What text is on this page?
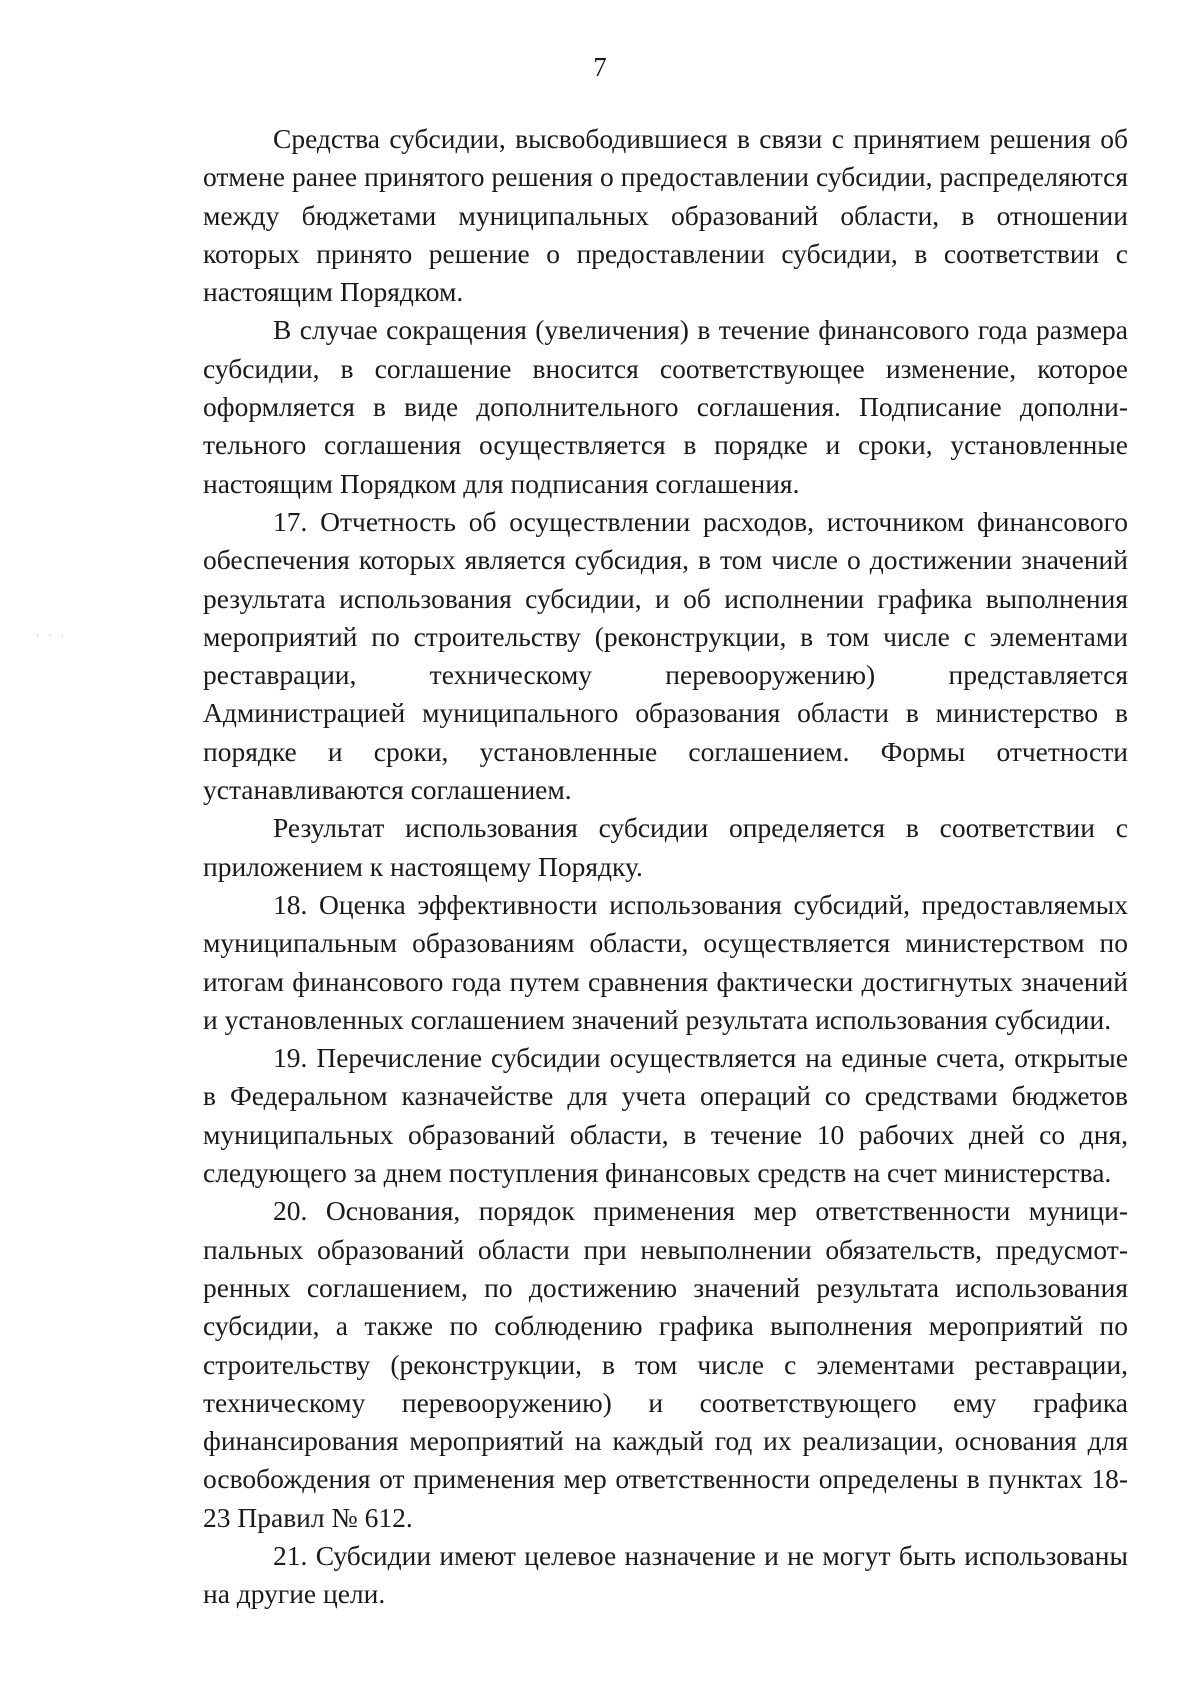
7
· · ·

Средства субсидии, высвободившиеся в связи с принятием решения об отмене ранее принятого решения о предоставлении субсидии, распределяются между бюджетами муниципальных образований области, в отношении которых принято решение о предоставлении субсидии, в соответствии с настоящим Порядком.

В случае сокращения (увеличения) в течение финансового года размера субсидии, в соглашение вносится соответствующее изменение, которое оформляется в виде дополнительного соглашения. Подписание дополнительного соглашения осуществляется в порядке и сроки, установленные настоящим Порядком для подписания соглашения.

17. Отчетность об осуществлении расходов, источником финансового обеспечения которых является субсидия, в том числе о достижении значений результата использования субсидии, и об исполнении графика выполнения мероприятий по строительству (реконструкции, в том числе с элементами реставрации, техническому перевооружению) представляется Администрацией муниципального образования области в министерство в порядке и сроки, установленные соглашением. Формы отчетности устанавливаются соглашением.

Результат использования субсидии определяется в соответствии с приложением к настоящему Порядку.

18. Оценка эффективности использования субсидий, предоставляемых муниципальным образованиям области, осуществляется министерством по итогам финансового года путем сравнения фактически достигнутых значений и установленных соглашением значений результата использования субсидии.

19. Перечисление субсидии осуществляется на единые счета, открытые в Федеральном казначействе для учета операций со средствами бюджетов муниципальных образований области, в течение 10 рабочих дней со дня, следующего за днем поступления финансовых средств на счет министерства.

20. Основания, порядок применения мер ответственности муниципальных образований области при невыполнении обязательств, предусмотренных соглашением, по достижению значений результата использования субсидии, а также по соблюдению графика выполнения мероприятий по строительству (реконструкции, в том числе с элементами реставрации, техническому перевооружению) и соответствующего ему графика финансирования мероприятий на каждый год их реализации, основания для освобождения от применения мер ответственности определены в пунктах 18-23 Правил № 612.

21. Субсидии имеют целевое назначение и не могут быть использованы на другие цели.
